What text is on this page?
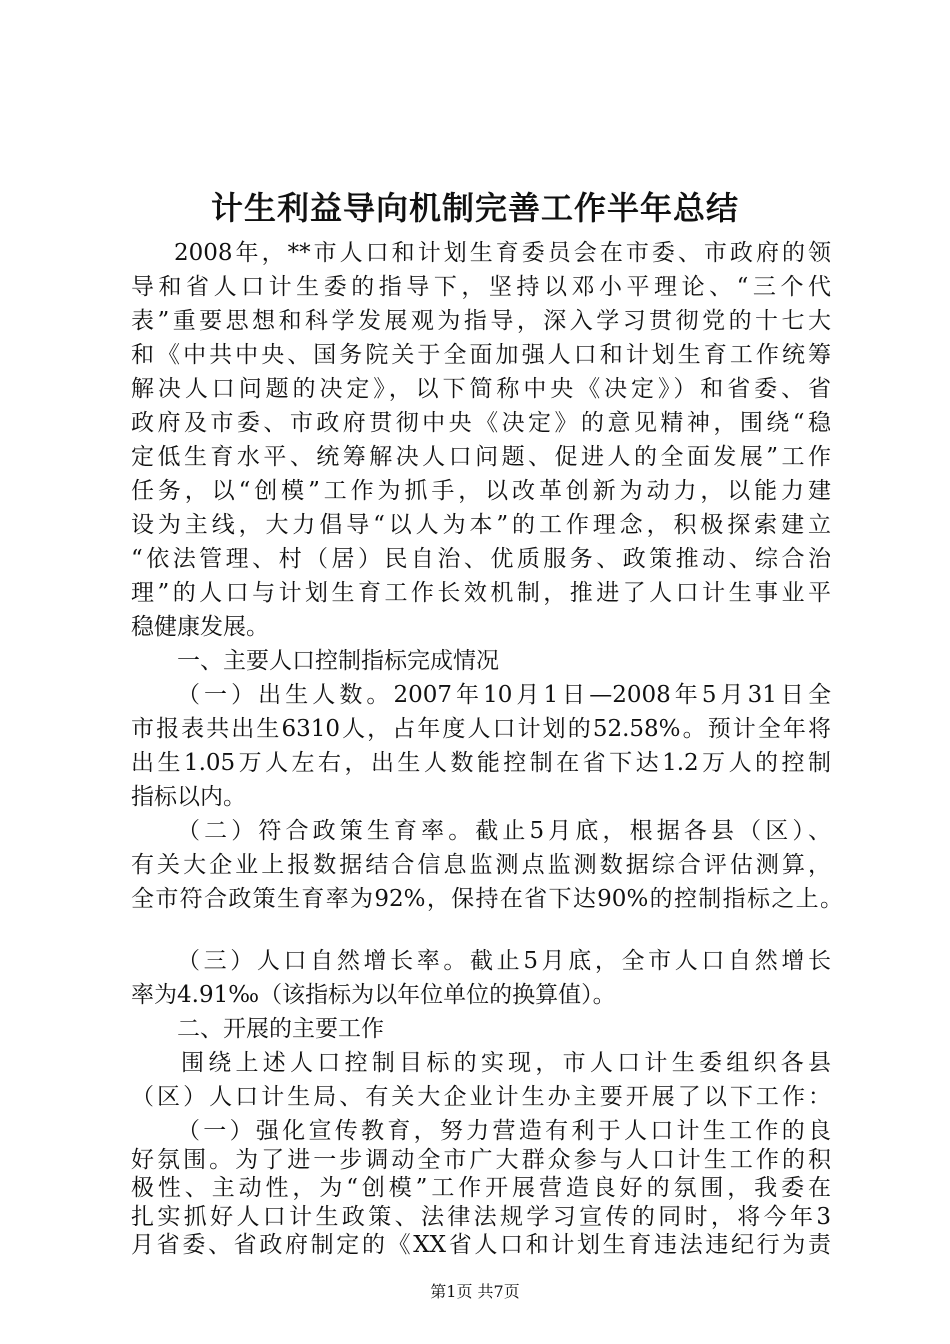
计生利益导向机制完善工作半年总结
2008年，**市人口和计划生育委员会在市委、市政府的领
导和省人口计生委的指导下，坚持以邓小平理论、“三个代
表”重要思想和科学发展观为指导，深入学习贯彻党的十七大
和《中共中央、国务院关于全面加强人口和计划生育工作统筹
解决人口问题的决定》，以下简称中央《决定》）和省委、省
政府及市委、市政府贯彻中央《决定》的意见精神，围绕“稳
定低生育水平、统筹解决人口问题、促进人的全面发展”工作
任务，以“创模”工作为抓手，以改革创新为动力，以能力建
设为主线，大力倡导“以人为本”的工作理念，积极探索建立
“依法管理、村（居）民自治、优质服务、政策推动、综合治
理”的人口与计划生育工作长效机制，推进了人口计生事业平
稳健康发展。
一、主要人口控制指标完成情况
（一）出生人数。2007年10月1日—2008年5月31日全
市报表共出生6310人，占年度人口计划的52.58%。预计全年将
出生1.05万人左右，出生人数能控制在省下达1.2万人的控制
指标以内。
（二）符合政策生育率。截止5月底，根据各县（区）、
有关大企业上报数据结合信息监测点监测数据综合评估测算，
全市符合政策生育率为92%，保持在省下达90%的控制指标之上。
（三）人口自然增长率。截止5月底，全市人口自然增长
率为4.91‰（该指标为以年位单位的换算值）。
二、开展的主要工作
围绕上述人口控制目标的实现，市人口计生委组织各县
（区）人口计生局、有关大企业计生办主要开展了以下工作：
（一）强化宣传教育，努力营造有利于人口计生工作的良
好氛围。为了进一步调动全市广大群众参与人口计生工作的积
极性、主动性，为“创模”工作开展营造良好的氛围，我委在
扎实抓好人口计生政策、法律法规学习宣传的同时，将今年3
月省委、省政府制定的《XX省人口和计划生育违法违纪行为责
第1页 共7页
